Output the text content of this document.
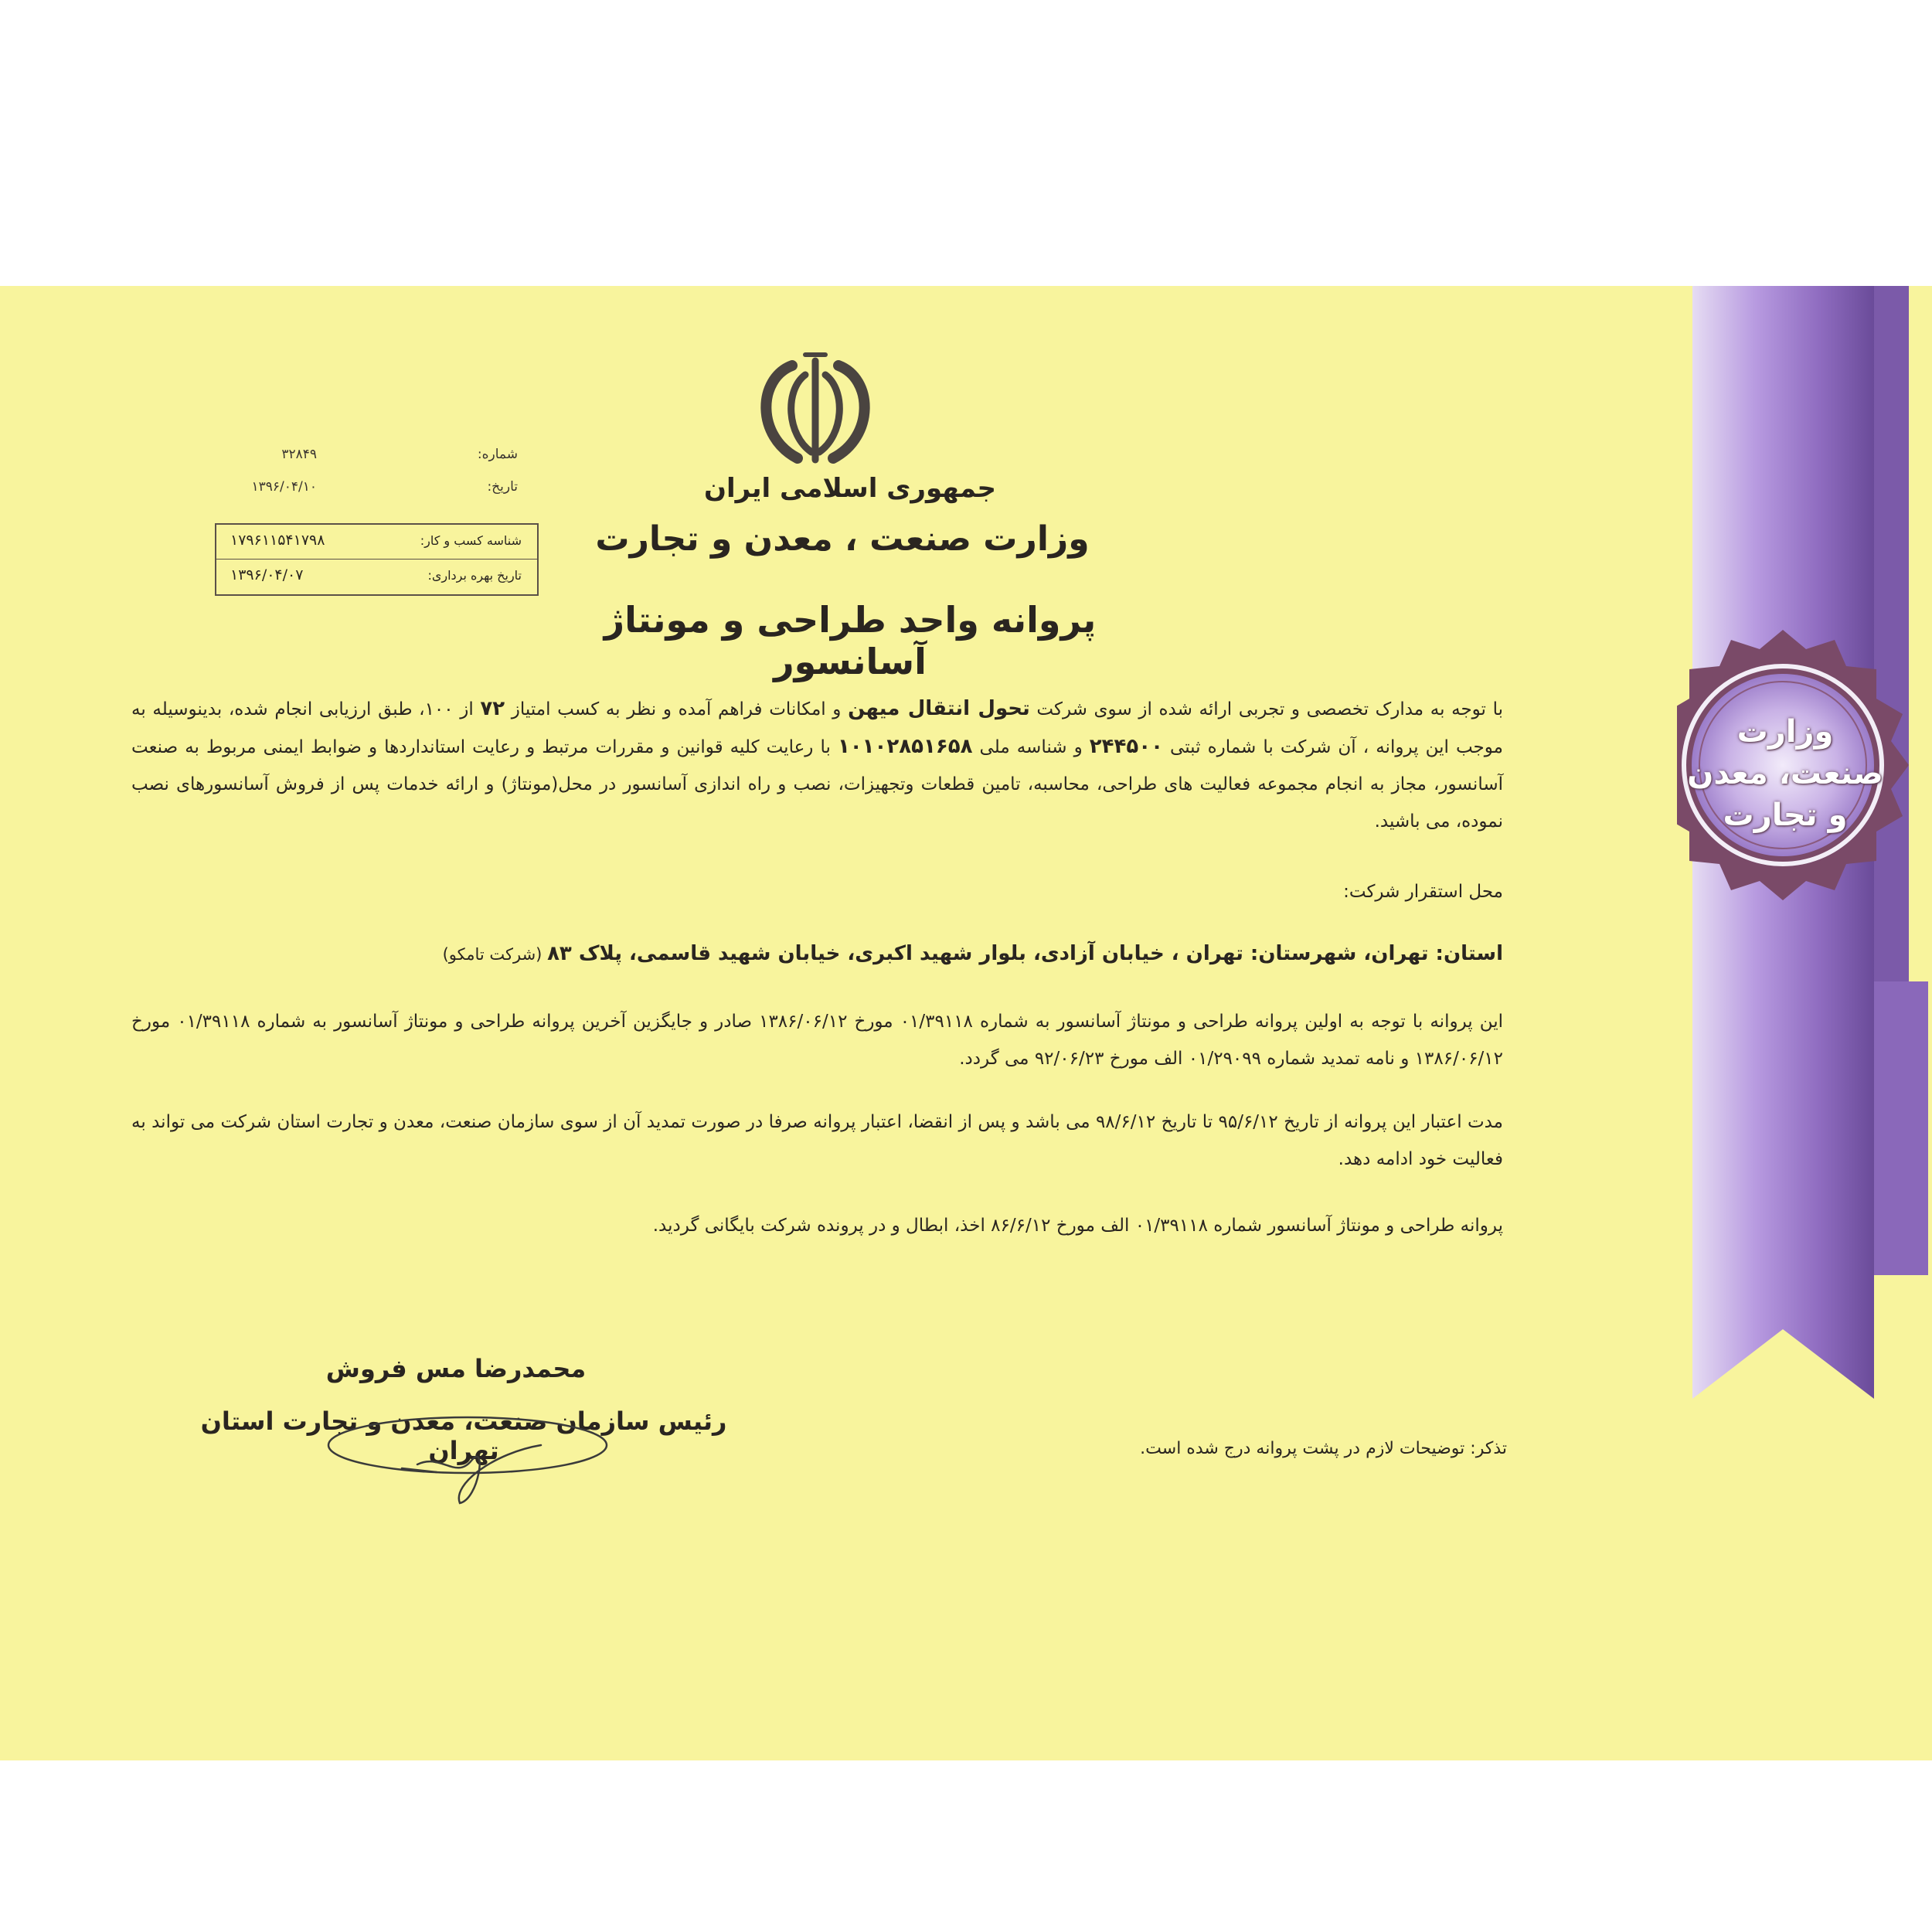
وزارت
صنعت، معدن
و تجارت
جمهوری اسلامی ایران
وزارت صنعت ، معدن و تجارت
پروانه واحد طراحی و مونتاژ آسانسور
شماره:
۳۲۸۴۹
تاریخ:
۱۳۹۶/۰۴/۱۰
شناسه کسب و کار:
۱۷۹۶۱۱۵۴۱۷۹۸
تاریخ بهره برداری:
۱۳۹۶/۰۴/۰۷
با توجه به مدارک تخصصی و تجربی ارائه شده از سوی شرکت تحول انتقال میهن و امکانات فراهم آمده و نظر به کسب امتیاز ۷۲ از ۱۰۰، طبق ارزیابی انجام شده، بدینوسیله به موجب این پروانه ، آن شرکت با شماره ثبتی ۲۴۴۵۰۰ و شناسه ملی ۱۰۱۰۲۸۵۱۶۵۸ با رعایت کلیه قوانین و مقررات مرتبط و رعایت استانداردها و ضوابط ایمنی مربوط به صنعت آسانسور، مجاز به انجام مجموعه فعالیت های طراحی، محاسبه، تامین قطعات وتجهیزات، نصب و راه اندازی آسانسور در محل(مونتاژ) و ارائه خدمات پس از فروش آسانسورهای نصب نموده، می باشید.
محل استقرار شرکت:
استان: تهران، شهرستان: تهران ، خیابان آزادی، بلوار شهید اکبری، خیابان شهید قاسمی، پلاک ۸۳ (شرکت تامکو)
این پروانه با توجه به اولین پروانه طراحی و مونتاژ آسانسور به شماره ۰۱/۳۹۱۱۸ مورخ ۱۳۸۶/۰۶/۱۲ صادر و جایگزین آخرین پروانه طراحی و مونتاژ آسانسور به شماره ۰۱/۳۹۱۱۸ مورخ ۱۳۸۶/۰۶/۱۲ و نامه تمدید شماره ۰۱/۲۹۰۹۹ الف مورخ ۹۲/۰۶/۲۳ می گردد.
مدت اعتبار این پروانه از تاریخ ۹۵/۶/۱۲ تا تاریخ ۹۸/۶/۱۲ می باشد و پس از انقضا، اعتبار پروانه صرفا در صورت تمدید آن از سوی سازمان صنعت، معدن و تجارت استان شرکت می تواند به فعالیت خود ادامه دهد.
پروانه طراحی و مونتاژ آسانسور شماره ۰۱/۳۹۱۱۸ الف مورخ ۸۶/۶/۱۲ اخذ، ابطال و در پرونده شرکت بایگانی گردید.
محمدرضا مس فروش
رئیس سازمان صنعت، معدن و تجارت استان تهران	تذکر: توضیحات لازم در پشت پروانه درج شده است.
